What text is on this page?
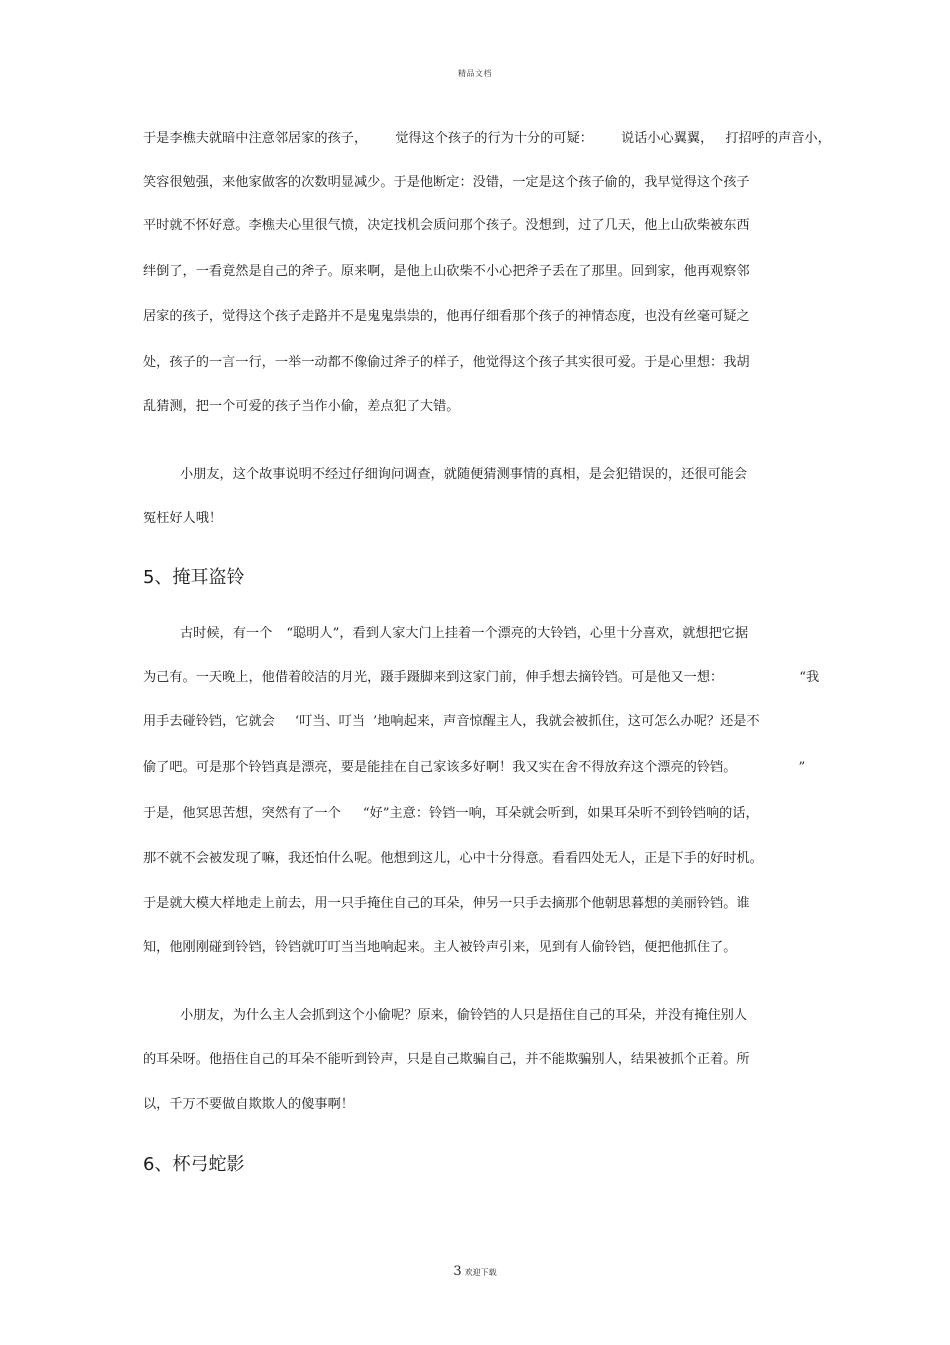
精品文档
于是李樵夫就暗中注意邻居家的孩子， 觉得这个孩子的行为十分的可疑： 说话小心翼翼， 打招呼的声音小，
笑容很勉强，来他家做客的次数明显减少。于是他断定：没错，一定是这个孩子偷的，我早觉得这个孩子
平时就不怀好意。李樵夫心里很气愤，决定找机会质问那个孩子。没想到，过了几天，他上山砍柴被东西
绊倒了，一看竟然是自己的斧子。原来啊，是他上山砍柴不小心把斧子丢在了那里。回到家，他再观察邻
居家的孩子，觉得这个孩子走路并不是鬼鬼祟祟的，他再仔细看那个孩子的神情态度，也没有丝毫可疑之
处，孩子的一言一行，一举一动都不像偷过斧子的样子，他觉得这个孩子其实很可爱。于是心里想：我胡
乱猜测，把一个可爱的孩子当作小偷，差点犯了大错。
小朋友，这个故事说明不经过仔细询问调查，就随便猜测事情的真相，是会犯错误的，还很可能会
冤枉好人哦！
5、掩耳盗铃
古时候，有一个 “聪明人”，看到人家大门上挂着一个漂亮的大铃铛，心里十分喜欢，就想把它据
为己有。一天晚上，他借着皎洁的月光，蹑手蹑脚来到这家门前，伸手想去摘铃铛。可是他又一想：	“我
用手去碰铃铛，它就会 ‘叮当、叮当 ’地响起来，声音惊醒主人，我就会被抓住，这可怎么办呢？还是不
偷了吧。可是那个铃铛真是漂亮，要是能挂在自己家该多好啊！我又实在舍不得放弃这个漂亮的铃铛。	”
于是，他冥思苦想，突然有了一个 “好”主意：铃铛一响，耳朵就会听到，如果耳朵听不到铃铛响的话，
那不就不会被发现了嘛，我还怕什么呢。他想到这儿，心中十分得意。看看四处无人，正是下手的好时机。
于是就大模大样地走上前去，用一只手掩住自己的耳朵，伸另一只手去摘那个他朝思暮想的美丽铃铛。谁
知，他刚刚碰到铃铛，铃铛就叮叮当当地响起来。主人被铃声引来，见到有人偷铃铛，便把他抓住了。
小朋友，为什么主人会抓到这个小偷呢？原来，偷铃铛的人只是捂住自己的耳朵，并没有掩住别人
的耳朵呀。他捂住自己的耳朵不能听到铃声，只是自己欺骗自己，并不能欺骗别人，结果被抓个正着。所
以，千万不要做自欺欺人的傻事啊！
6、杯弓蛇影
3 欢迎下载
